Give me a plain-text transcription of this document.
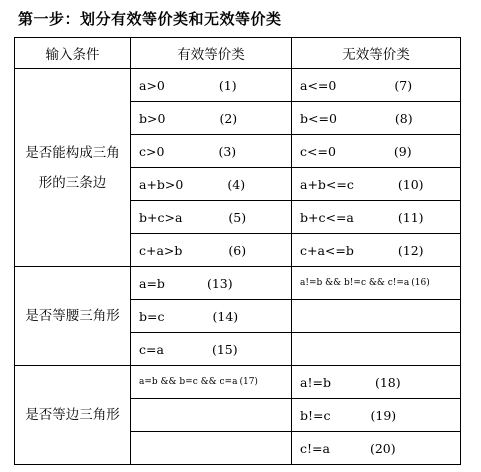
第一步：划分有效等价类和无效等价类
输入条件	有效等价类	无效等价类

是否能构成三角
形的三条边	a>0 (1)	a<=0 (7)
	b>0 (2)	b<=0 (8)
	c>0 (3)	c<=0 (9)
	a+b>0 (4)	a+b<=c (10)
	b+c>a (5)	b+c<=a (11)
	c+a>b (6)	c+a<=b (12)

是否等腰三角形	a=b (13)	a!=b && b!=c && c!=a (16)
	b=c (14)	
	c=a (15)	

是否等边三角形	a=b && b=c && c=a (17)	a!=b (18)
		b!=c (19)
		c!=a (20)
